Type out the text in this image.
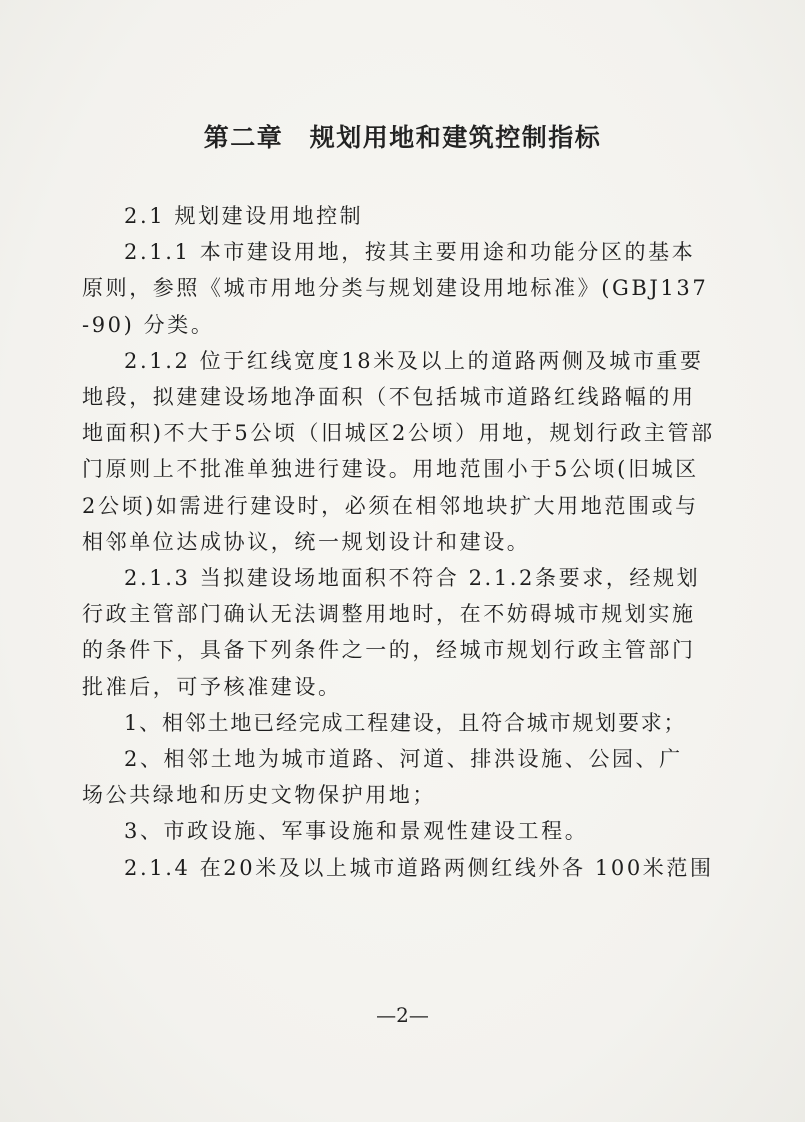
第二章　规划用地和建筑控制指标

2.1 规划建设用地控制

2.1.1 本市建设用地，按其主要用途和功能分区的基本
原则，参照《城市用地分类与规划建设用地标准》(GBJ137
-90) 分类。

2.1.2 位于红线宽度18米及以上的道路两侧及城市重要
地段，拟建建设场地净面积（不包括城市道路红线路幅的用
地面积)不大于5公顷（旧城区2公顷）用地，规划行政主管部
门原则上不批准单独进行建设。用地范围小于5公顷(旧城区
2公顷)如需进行建设时，必须在相邻地块扩大用地范围或与
相邻单位达成协议，统一规划设计和建设。

2.1.3 当拟建设场地面积不符合 2.1.2条要求，经规划
行政主管部门确认无法调整用地时，在不妨碍城市规划实施
的条件下，具备下列条件之一的，经城市规划行政主管部门
批准后，可予核准建设。

1、相邻土地已经完成工程建设，且符合城市规划要求；

2、相邻土地为城市道路、河道、排洪设施、公园、广
场公共绿地和历史文物保护用地；

3、市政设施、军事设施和景观性建设工程。

2.1.4 在20米及以上城市道路两侧红线外各 100米范围

—2—
